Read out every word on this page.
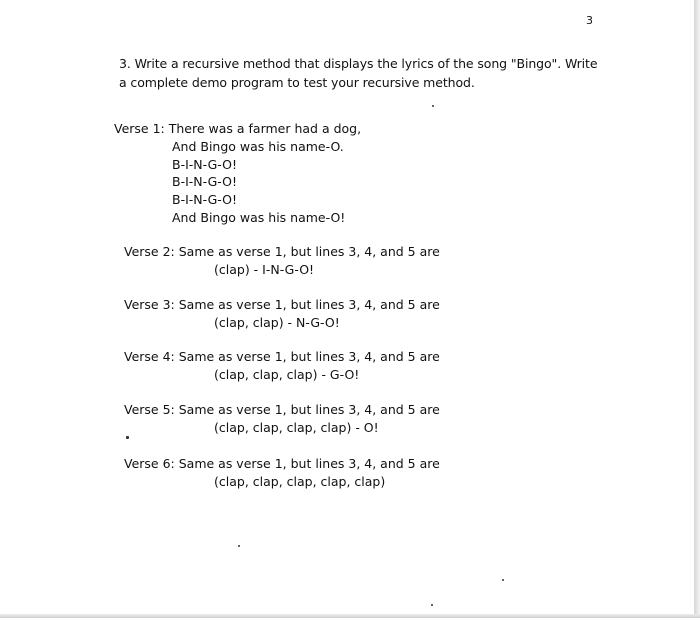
3
3. Write a recursive method that displays the lyrics of the song "Bingo". Write
a complete demo program to test your recursive method.
Verse 1: There was a farmer had a dog,
And Bingo was his name-O.
B-I-N-G-O!
B-I-N-G-O!
B-I-N-G-O!
And Bingo was his name-O!
Verse 2: Same as verse 1, but lines 3, 4, and 5 are
(clap) - I-N-G-O!
Verse 3: Same as verse 1, but lines 3, 4, and 5 are
(clap, clap) - N-G-O!
Verse 4: Same as verse 1, but lines 3, 4, and 5 are
(clap, clap, clap) - G-O!
Verse 5: Same as verse 1, but lines 3, 4, and 5 are
(clap, clap, clap, clap) - O!
Verse 6: Same as verse 1, but lines 3, 4, and 5 are
(clap, clap, clap, clap, clap)
